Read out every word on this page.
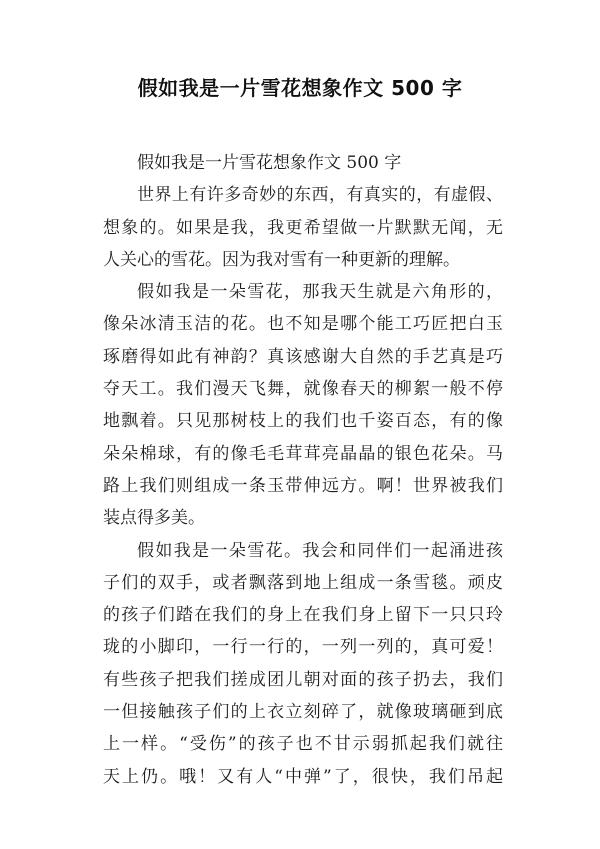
假如我是一片雪花想象作文 500 字
假如我是一片雪花想象作文 500 字
世界上有许多奇妙的东西，有真实的，有虚假、
想象的。如果是我，我更希望做一片默默无闻，无
人关心的雪花。因为我对雪有一种更新的理解。
假如我是一朵雪花，那我天生就是六角形的，
像朵冰清玉洁的花。也不知是哪个能工巧匠把白玉
琢磨得如此有神韵？真该感谢大自然的手艺真是巧
夺天工。我们漫天飞舞，就像春天的柳絮一般不停
地飘着。只见那树枝上的我们也千姿百态，有的像
朵朵棉球，有的像毛毛茸茸亮晶晶的银色花朵。马
路上我们则组成一条玉带伸远方。啊！世界被我们
装点得多美。
假如我是一朵雪花。我会和同伴们一起涌进孩
子们的双手，或者飘落到地上组成一条雪毯。顽皮
的孩子们踏在我们的身上在我们身上留下一只只玲
珑的小脚印，一行一行的，一列一列的，真可爱！
有些孩子把我们搓成团儿朝对面的孩子扔去，我们
一但接触孩子们的上衣立刻碎了，就像玻璃砸到底
上一样。“受伤”的孩子也不甘示弱抓起我们就往
天上仍。哦！又有人“中弹”了，很快，我们吊起
